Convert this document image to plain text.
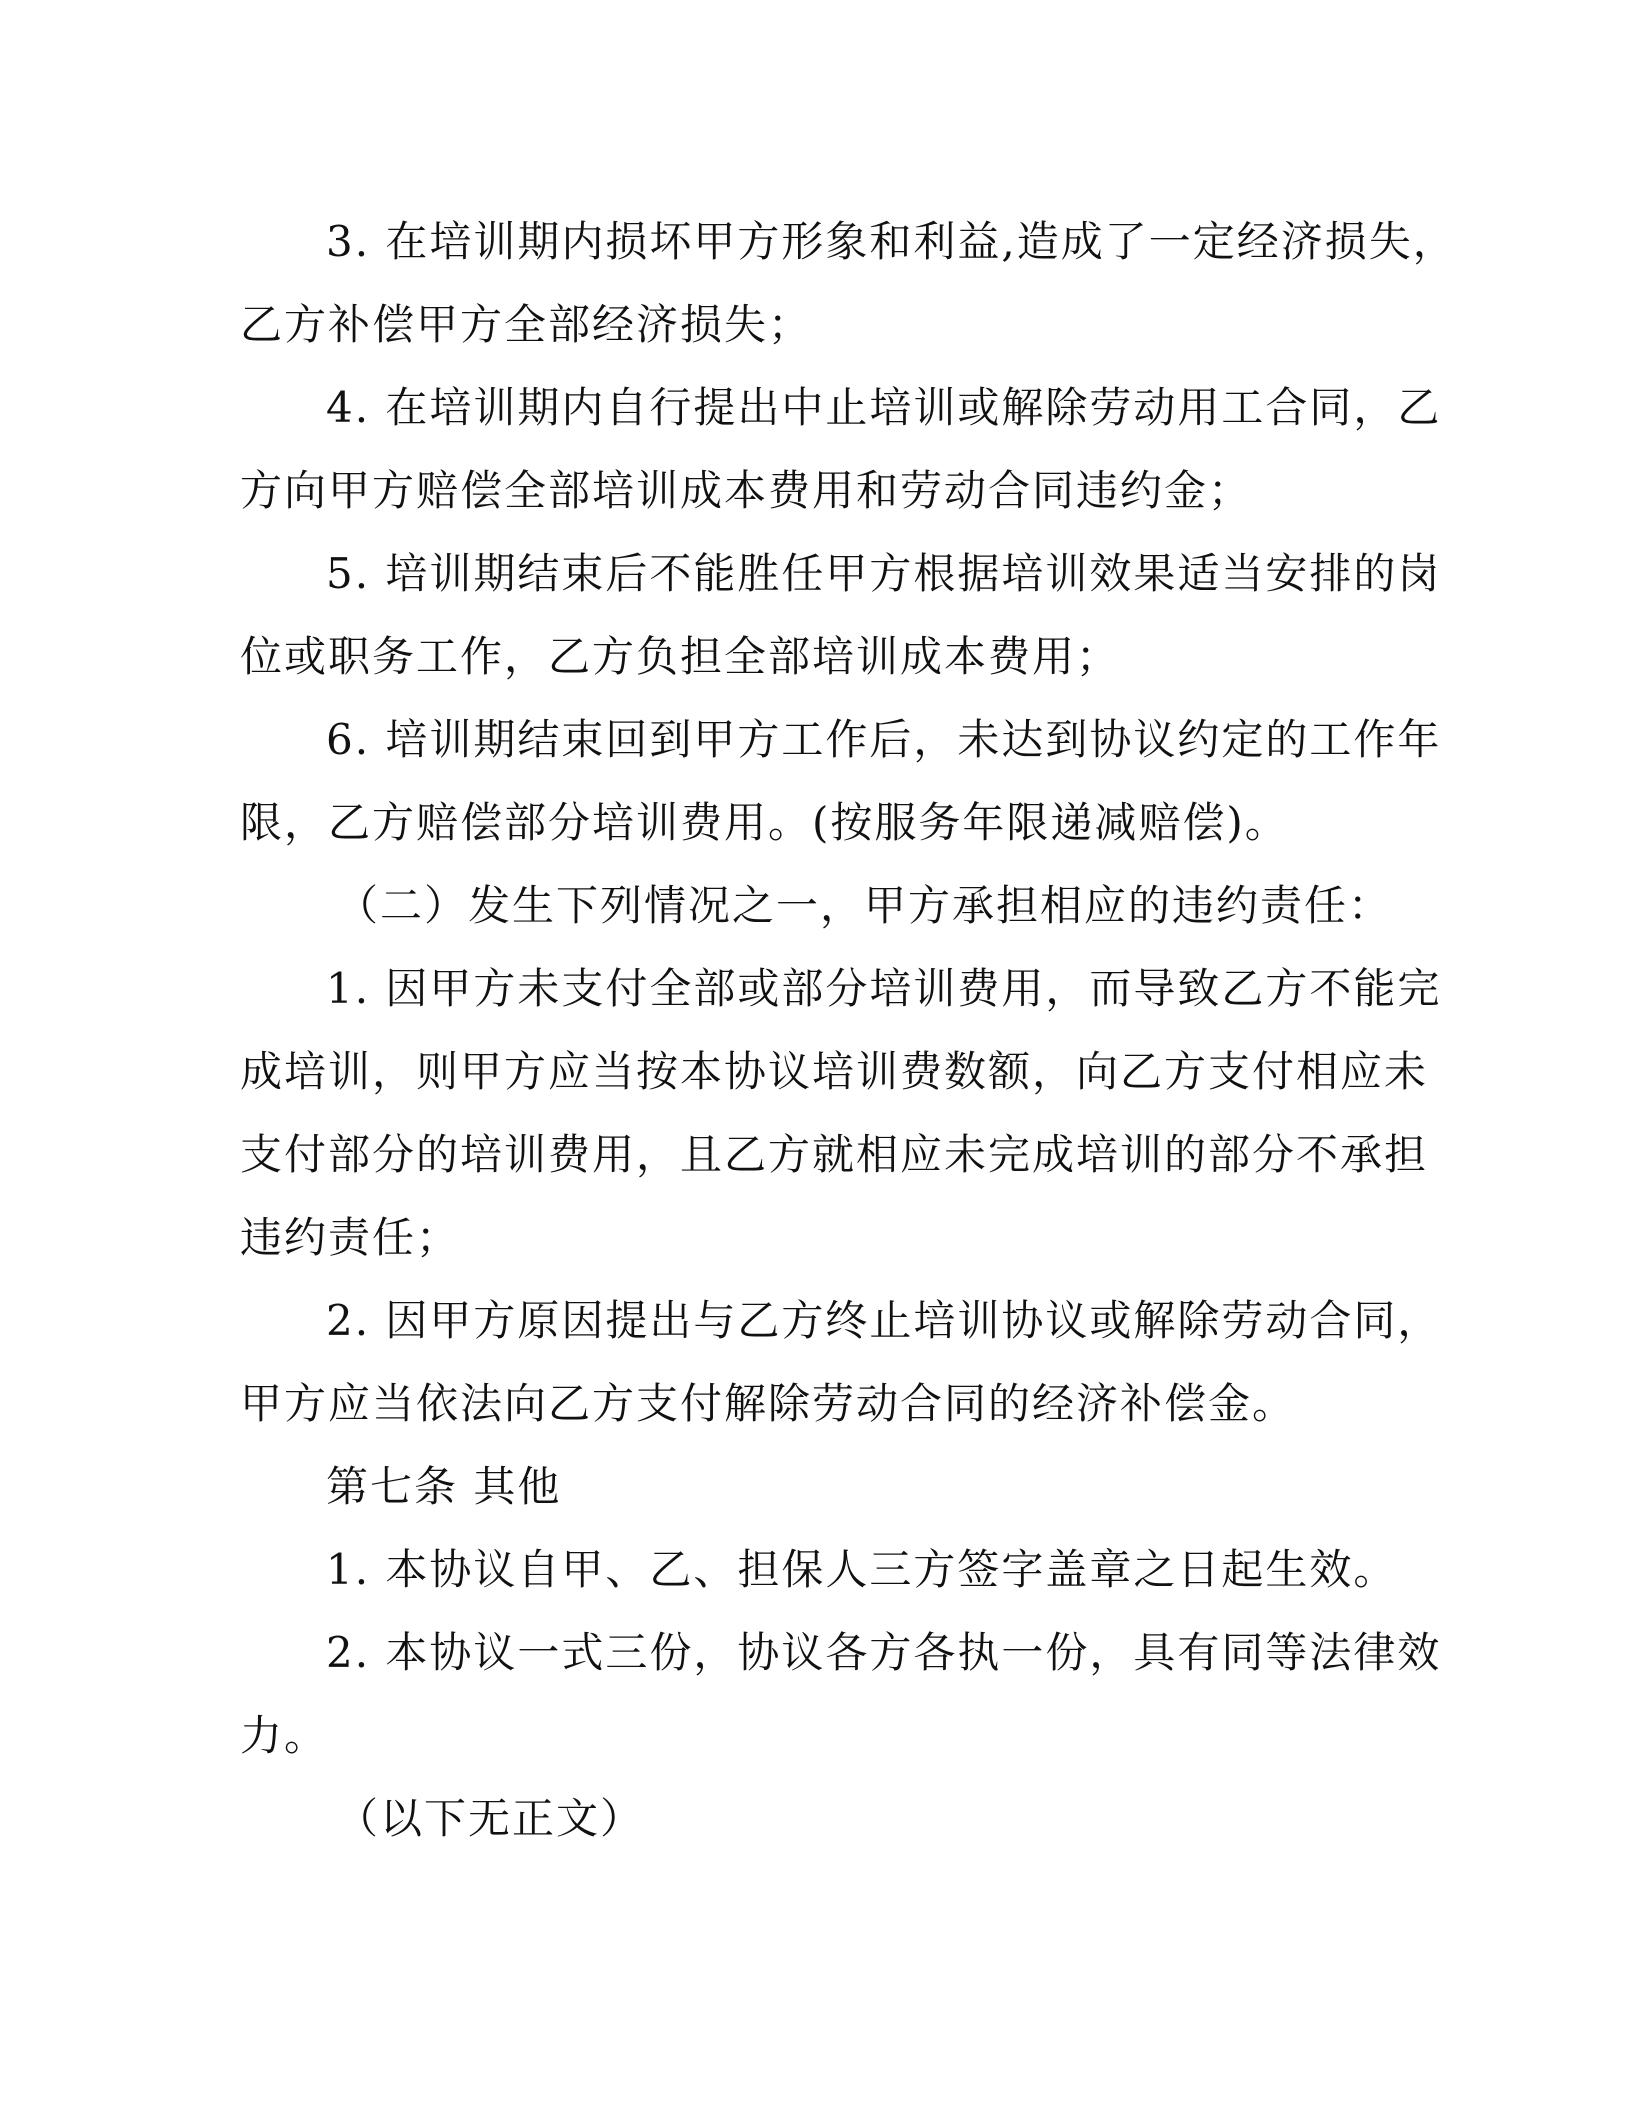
3. 在培训期内损坏甲方形象和利益,造成了一定经济损失，
乙方补偿甲方全部经济损失；
4. 在培训期内自行提出中止培训或解除劳动用工合同，乙
方向甲方赔偿全部培训成本费用和劳动合同违约金；
5. 培训期结束后不能胜任甲方根据培训效果适当安排的岗
位或职务工作，乙方负担全部培训成本费用；
6. 培训期结束回到甲方工作后，未达到协议约定的工作年
限，乙方赔偿部分培训费用。(按服务年限递减赔偿)。
（二）发生下列情况之一，甲方承担相应的违约责任：
1. 因甲方未支付全部或部分培训费用，而导致乙方不能完
成培训，则甲方应当按本协议培训费数额，向乙方支付相应未
支付部分的培训费用，且乙方就相应未完成培训的部分不承担
违约责任；
2. 因甲方原因提出与乙方终止培训协议或解除劳动合同，
甲方应当依法向乙方支付解除劳动合同的经济补偿金。
第七条 其他
1. 本协议自甲、乙、担保人三方签字盖章之日起生效。
2. 本协议一式三份，协议各方各执一份，具有同等法律效
力。
（以下无正文）
